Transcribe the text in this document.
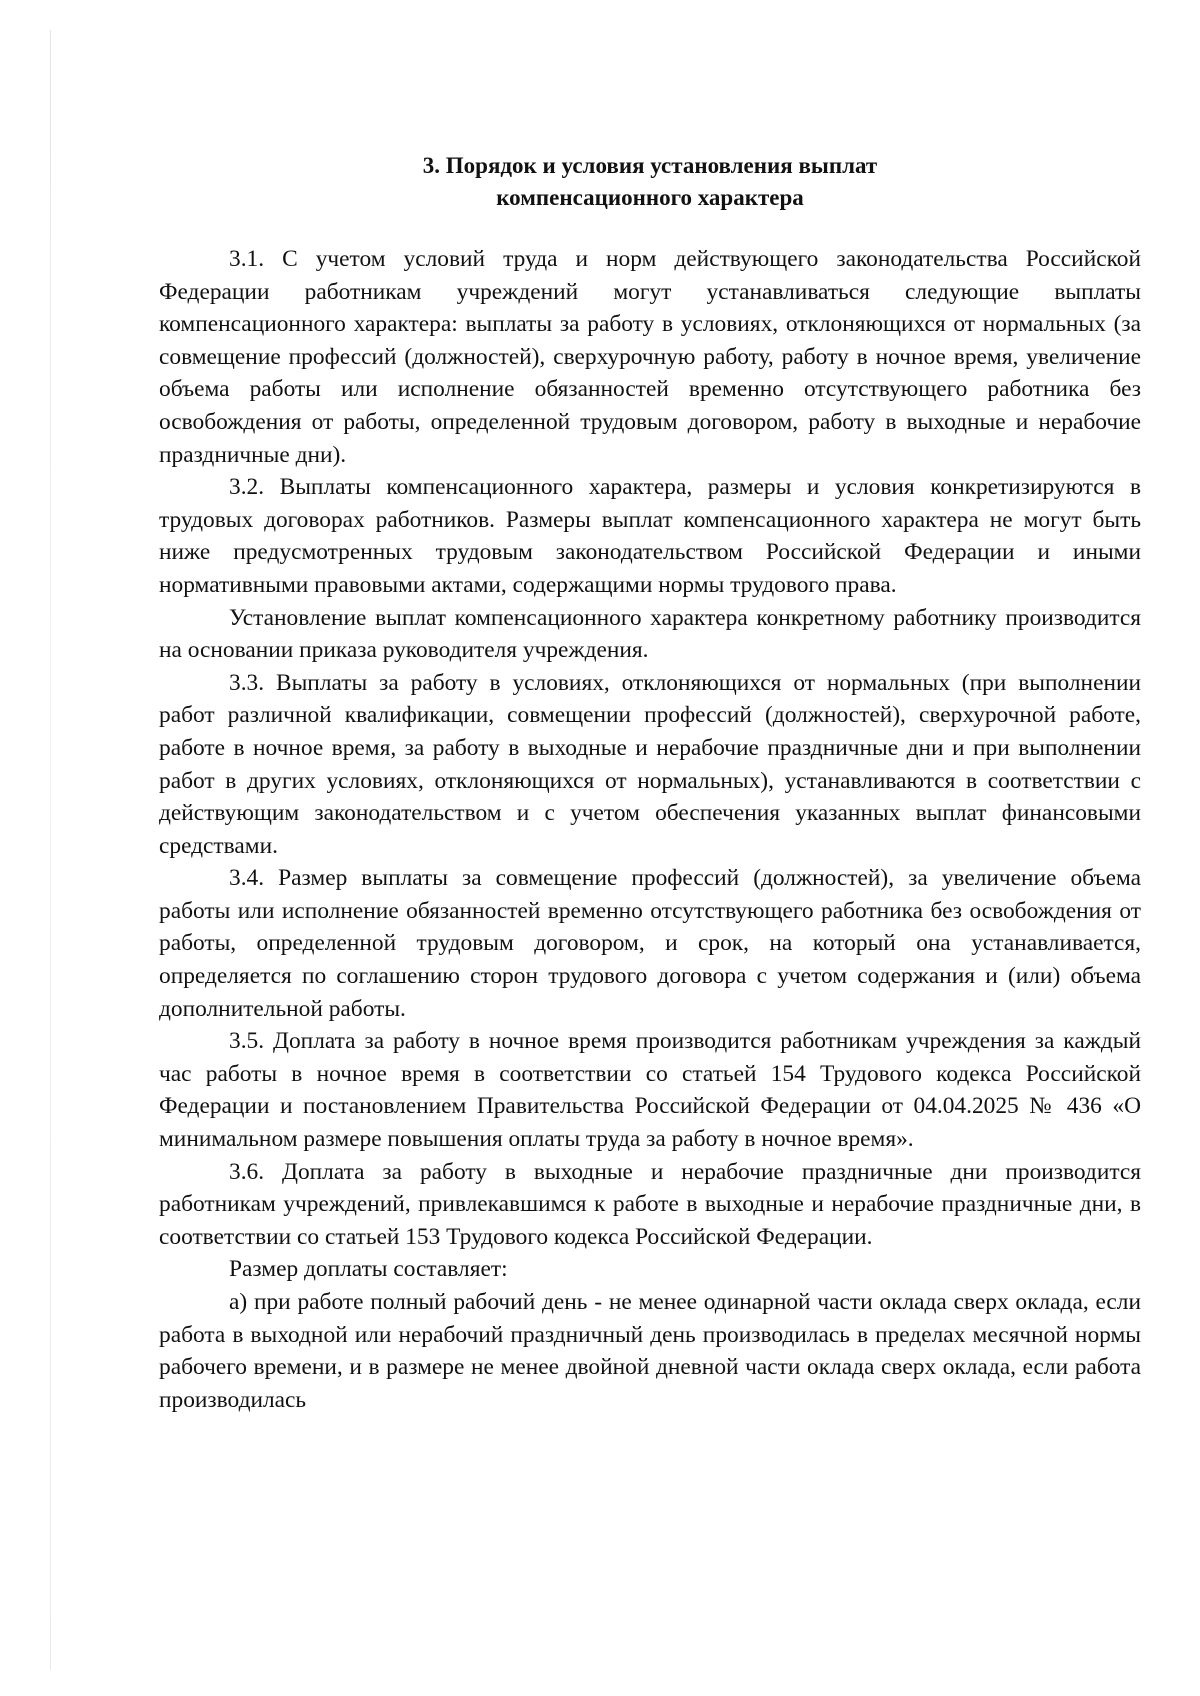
3. Порядок и условия установления выплат
компенсационного характера

3.1. С учетом условий труда и норм действующего законодательства Российской Федерации работникам учреждений могут устанавливаться следующие выплаты компенсационного характера: выплаты за работу в условиях, отклоняющихся от нормальных (за совмещение профессий (должностей), сверхурочную работу, работу в ночное время, увеличение объема работы или исполнение обязанностей временно отсутствующего работника без освобождения от работы, определенной трудовым договором, работу в выходные и нерабочие праздничные дни).

3.2. Выплаты компенсационного характера, размеры и условия конкретизируются в трудовых договорах работников. Размеры выплат компенсационного характера не могут быть ниже предусмотренных трудовым законодательством Российской Федерации и иными нормативными правовыми актами, содержащими нормы трудового права.

Установление выплат компенсационного характера конкретному работнику производится на основании приказа руководителя учреждения.

3.3. Выплаты за работу в условиях, отклоняющихся от нормальных (при выполнении работ различной квалификации, совмещении профессий (должностей), сверхурочной работе, работе в ночное время, за работу в выходные и нерабочие праздничные дни и при выполнении работ в других условиях, отклоняющихся от нормальных), устанавливаются в соответствии с действующим законодательством и с учетом обеспечения указанных выплат финансовыми средствами.

3.4. Размер выплаты за совмещение профессий (должностей), за увеличение объема работы или исполнение обязанностей временно отсутствующего работника без освобождения от работы, определенной трудовым договором, и срок, на который она устанавливается, определяется по соглашению сторон трудового договора с учетом содержания и (или) объема дополнительной работы.

3.5. Доплата за работу в ночное время производится работникам учреждения за каждый час работы в ночное время в соответствии со статьей 154 Трудового кодекса Российской Федерации и постановлением Правительства Российской Федерации от 04.04.2025 № 436 «О минимальном размере повышения оплаты труда за работу в ночное время».

3.6. Доплата за работу в выходные и нерабочие праздничные дни производится работникам учреждений, привлекавшимся к работе в выходные и нерабочие праздничные дни, в соответствии со статьей 153 Трудового кодекса Российской Федерации.

Размер доплаты составляет:

а) при работе полный рабочий день - не менее одинарной части оклада сверх оклада, если работа в выходной или нерабочий праздничный день производилась в пределах месячной нормы рабочего времени, и в размере не менее двойной дневной части оклада сверх оклада, если работа производилась
